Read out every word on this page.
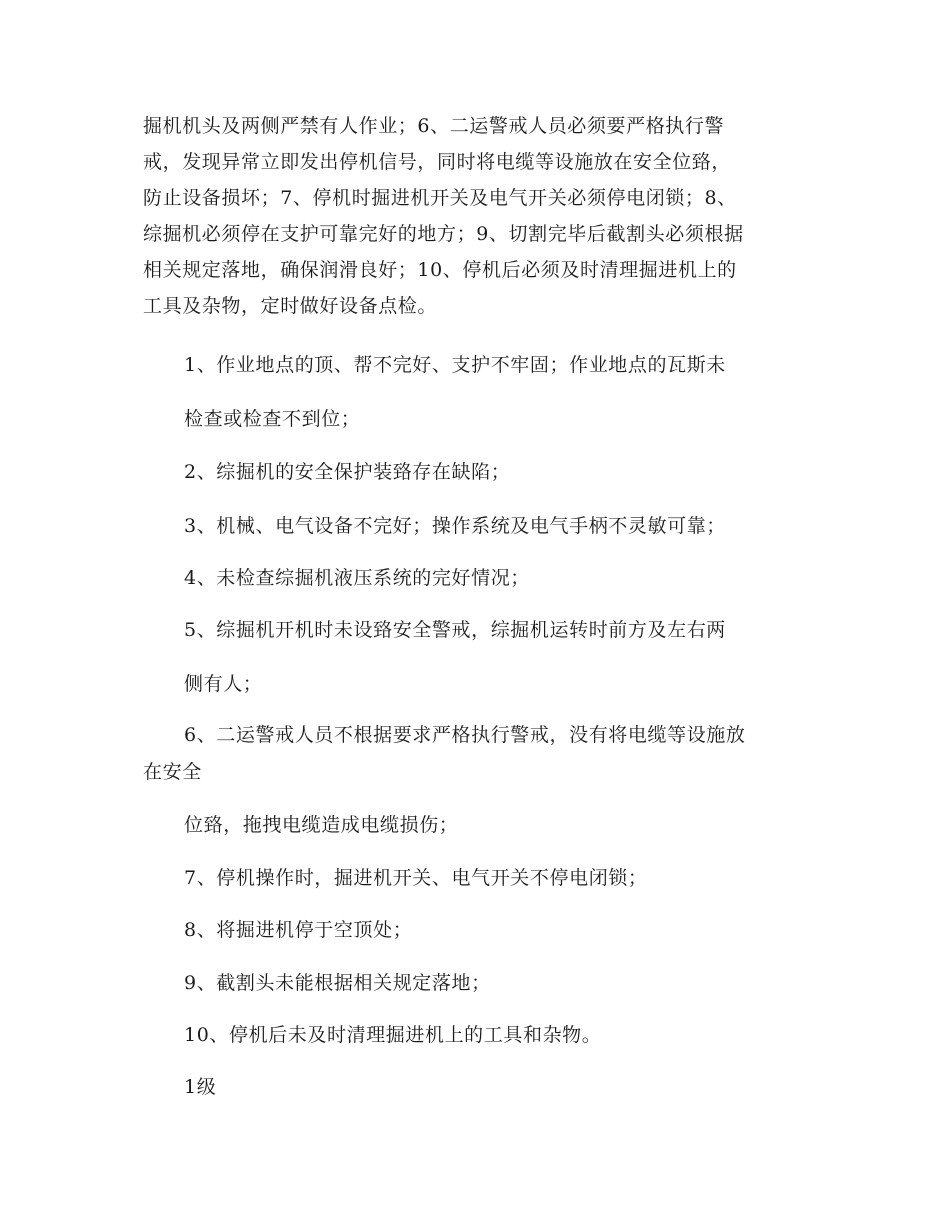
掘机机头及两侧严禁有人作业；6、二运警戒人员必须要严格执行警
戒，发现异常立即发出停机信号，同时将电缆等设施放在安全位臵，
防止设备损坏；7、停机时掘进机开关及电气开关必须停电闭锁；8、
综掘机必须停在支护可靠完好的地方；9、切割完毕后截割头必须根据
相关规定落地，确保润滑良好；10、停机后必须及时清理掘进机上的
工具及杂物，定时做好设备点检。
1、作业地点的顶、帮不完好、支护不牢固；作业地点的瓦斯未
检查或检查不到位；
2、综掘机的安全保护装臵存在缺陷；
3、机械、电气设备不完好；操作系统及电气手柄不灵敏可靠；
4、未检查综掘机液压系统的完好情况；
5、综掘机开机时未设臵安全警戒，综掘机运转时前方及左右两
侧有人；
6、二运警戒人员不根据要求严格执行警戒，没有将电缆等设施放
在安全
位臵，拖拽电缆造成电缆损伤；
7、停机操作时，掘进机开关、电气开关不停电闭锁；
8、将掘进机停于空顶处；
9、截割头未能根据相关规定落地；
10、停机后未及时清理掘进机上的工具和杂物。
1级
